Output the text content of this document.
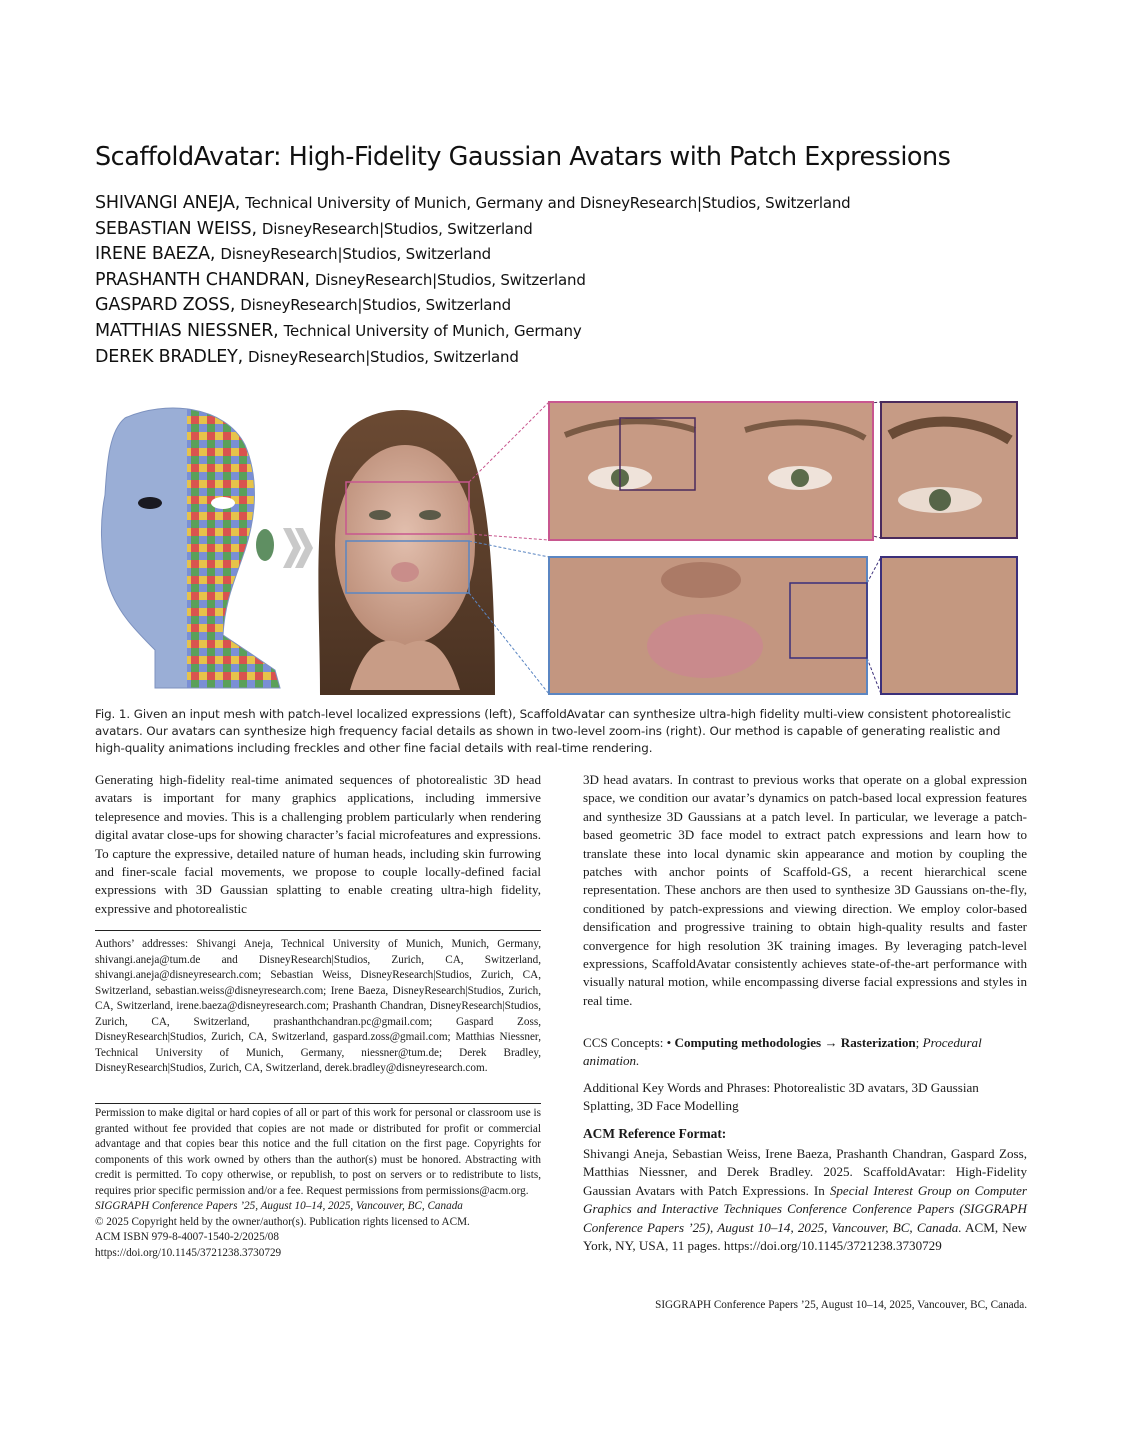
ScaffoldAvatar: High-Fidelity Gaussian Avatars with Patch Expressions
SHIVANGI ANEJA, Technical University of Munich, Germany and DisneyResearch|Studios, Switzerland
SEBASTIAN WEISS, DisneyResearch|Studios, Switzerland
IRENE BAEZA, DisneyResearch|Studios, Switzerland
PRASHANTH CHANDRAN, DisneyResearch|Studios, Switzerland
GASPARD ZOSS, DisneyResearch|Studios, Switzerland
MATTHIAS NIESSNER, Technical University of Munich, Germany
DEREK BRADLEY, DisneyResearch|Studios, Switzerland
Fig. 1. Given an input mesh with patch-level localized expressions (left), ScaffoldAvatar can synthesize ultra-high fidelity multi-view consistent photorealistic avatars. Our avatars can synthesize high frequency facial details as shown in two-level zoom-ins (right). Our method is capable of generating realistic and high-quality animations including freckles and other fine facial details with real-time rendering.
Generating high-fidelity real-time animated sequences of photorealistic 3D head avatars is important for many graphics applications, including immersive telepresence and movies. This is a challenging problem particularly when rendering digital avatar close-ups for showing character’s facial microfeatures and expressions. To capture the expressive, detailed nature of human heads, including skin furrowing and finer-scale facial movements, we propose to couple locally-defined facial expressions with 3D Gaussian splatting to enable creating ultra-high fidelity, expressive and photorealistic
3D head avatars. In contrast to previous works that operate on a global expression space, we condition our avatar’s dynamics on patch-based local expression features and synthesize 3D Gaussians at a patch level. In particular, we leverage a patch-based geometric 3D face model to extract patch expressions and learn how to translate these into local dynamic skin appearance and motion by coupling the patches with anchor points of Scaffold-GS, a recent hierarchical scene representation. These anchors are then used to synthesize 3D Gaussians on-the-fly, conditioned by patch-expressions and viewing direction. We employ color-based densification and progressive training to obtain high-quality results and faster convergence for high resolution 3K training images. By leveraging patch-level expressions, ScaffoldAvatar consistently achieves state-of-the-art performance with visually natural motion, while encompassing diverse facial expressions and styles in real time.
Authors’ addresses: Shivangi Aneja, Technical University of Munich, Munich, Germany, shivangi.aneja@tum.de and DisneyResearch|Studios, Zurich, CA, Switzerland, shivangi.aneja@disneyresearch.com; Sebastian Weiss, DisneyResearch|Studios, Zurich, CA, Switzerland, sebastian.weiss@disneyresearch.com; Irene Baeza, DisneyResearch|Studios, Zurich, CA, Switzerland, irene.baeza@disneyresearch.com; Prashanth Chandran, DisneyResearch|Studios, Zurich, CA, Switzerland, prashanthchandran.pc@gmail.com; Gaspard Zoss, DisneyResearch|Studios, Zurich, CA, Switzerland, gaspard.zoss@gmail.com; Matthias Niessner, Technical University of Munich, Germany, niessner@tum.de; Derek Bradley, DisneyResearch|Studios, Zurich, CA, Switzerland, derek.bradley@disneyresearch.com.

Permission to make digital or hard copies of all or part of this work for personal or classroom use is granted without fee provided that copies are not made or distributed for profit or commercial advantage and that copies bear this notice and the full citation on the first page. Copyrights for components of this work owned by others than the author(s) must be honored. Abstracting with credit is permitted. To copy otherwise, or republish, to post on servers or to redistribute to lists, requires prior specific permission and/or a fee. Request permissions from permissions@acm.org.

SIGGRAPH Conference Papers ’25, August 10–14, 2025, Vancouver, BC, Canada

© 2025 Copyright held by the owner/author(s). Publication rights licensed to ACM.

ACM ISBN 979-8-4007-1540-2/2025/08

https://doi.org/10.1145/3721238.3730729

CCS Concepts: • Computing methodologies → Rasterization; Procedural animation.
Additional Key Words and Phrases: Photorealistic 3D avatars, 3D Gaussian Splatting, 3D Face Modelling
ACM Reference Format:
Shivangi Aneja, Sebastian Weiss, Irene Baeza, Prashanth Chandran, Gaspard Zoss, Matthias Niessner, and Derek Bradley. 2025. ScaffoldAvatar: High-Fidelity Gaussian Avatars with Patch Expressions. In Special Interest Group on Computer Graphics and Interactive Techniques Conference Conference Papers (SIGGRAPH Conference Papers ’25), August 10–14, 2025, Vancouver, BC, Canada. ACM, New York, NY, USA, 11 pages. https://doi.org/10.1145/3721238.3730729
SIGGRAPH Conference Papers ’25, August 10–14, 2025, Vancouver, BC, Canada.
